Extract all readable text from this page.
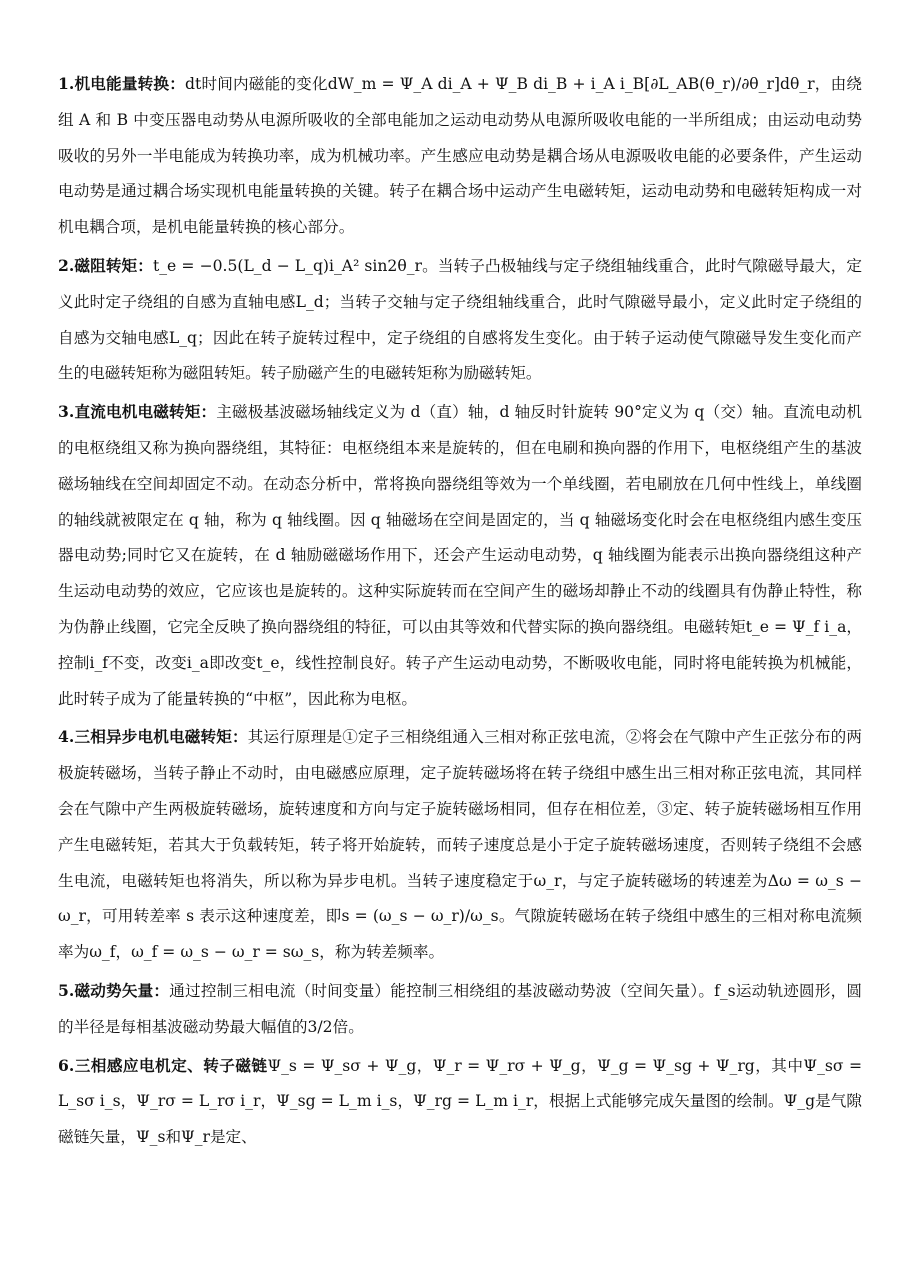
1.机电能量转换：dt时间内磁能的变化dW_m = Ψ_A di_A + Ψ_B di_B + i_A i_B[∂L_AB(θ_r)/∂θ_r]dθ_r，由绕组 A 和 B 中变压器电动势从电源所吸收的全部电能加之运动电动势从电源所吸收电能的一半所组成；由运动电动势吸收的另外一半电能成为转换功率，成为机械功率。产生感应电动势是耦合场从电源吸收电能的必要条件，产生运动电动势是通过耦合场实现机电能量转换的关键。转子在耦合场中运动产生电磁转矩，运动电动势和电磁转矩构成一对机电耦合项，是机电能量转换的核心部分。

2.磁阻转矩：t_e = −0.5(L_d − L_q)i_A² sin2θ_r。当转子凸极轴线与定子绕组轴线重合，此时气隙磁导最大，定义此时定子绕组的自感为直轴电感L_d；当转子交轴与定子绕组轴线重合，此时气隙磁导最小，定义此时定子绕组的自感为交轴电感L_q；因此在转子旋转过程中，定子绕组的自感将发生变化。由于转子运动使气隙磁导发生变化而产生的电磁转矩称为磁阻转矩。转子励磁产生的电磁转矩称为励磁转矩。

3.直流电机电磁转矩：主磁极基波磁场轴线定义为 d（直）轴，d 轴反时针旋转 90°定义为 q（交）轴。直流电动机的电枢绕组又称为换向器绕组，其特征：电枢绕组本来是旋转的，但在电刷和换向器的作用下，电枢绕组产生的基波磁场轴线在空间却固定不动。在动态分析中，常将换向器绕组等效为一个单线圈，若电刷放在几何中性线上，单线圈的轴线就被限定在 q 轴，称为 q 轴线圈。因 q 轴磁场在空间是固定的，当 q 轴磁场变化时会在电枢绕组内感生变压器电动势;同时它又在旋转，在 d 轴励磁磁场作用下，还会产生运动电动势，q 轴线圈为能表示出换向器绕组这种产生运动电动势的效应，它应该也是旋转的。这种实际旋转而在空间产生的磁场却静止不动的线圈具有伪静止特性，称为伪静止线圈，它完全反映了换向器绕组的特征，可以由其等效和代替实际的换向器绕组。电磁转矩t_e = Ψ_f i_a，控制i_f不变，改变i_a即改变t_e，线性控制良好。转子产生运动电动势，不断吸收电能，同时将电能转换为机械能，此时转子成为了能量转换的“中枢”，因此称为电枢。

4.三相异步电机电磁转矩：其运行原理是①定子三相绕组通入三相对称正弦电流，②将会在气隙中产生正弦分布的两极旋转磁场，当转子静止不动时，由电磁感应原理，定子旋转磁场将在转子绕组中感生出三相对称正弦电流，其同样会在气隙中产生两极旋转磁场，旋转速度和方向与定子旋转磁场相同，但存在相位差，③定、转子旋转磁场相互作用产生电磁转矩，若其大于负载转矩，转子将开始旋转，而转子速度总是小于定子旋转磁场速度，否则转子绕组不会感生电流，电磁转矩也将消失，所以称为异步电机。当转子速度稳定于ω_r，与定子旋转磁场的转速差为Δω = ω_s − ω_r，可用转差率 s 表示这种速度差，即s = (ω_s − ω_r)/ω_s。气隙旋转磁场在转子绕组中感生的三相对称电流频率为ω_f，ω_f = ω_s − ω_r = sω_s，称为转差频率。

5.磁动势矢量：通过控制三相电流（时间变量）能控制三相绕组的基波磁动势波（空间矢量）。f_s运动轨迹圆形，圆的半径是每相基波磁动势最大幅值的3/2倍。

6.三相感应电机定、转子磁链Ψ_s = Ψ_sσ + Ψ_g，Ψ_r = Ψ_rσ + Ψ_g，Ψ_g = Ψ_sg + Ψ_rg，其中Ψ_sσ = L_sσ i_s，Ψ_rσ = L_rσ i_r，Ψ_sg = L_m i_s，Ψ_rg = L_m i_r，根据上式能够完成矢量图的绘制。Ψ_g是气隙磁链矢量，Ψ_s和Ψ_r是定、
